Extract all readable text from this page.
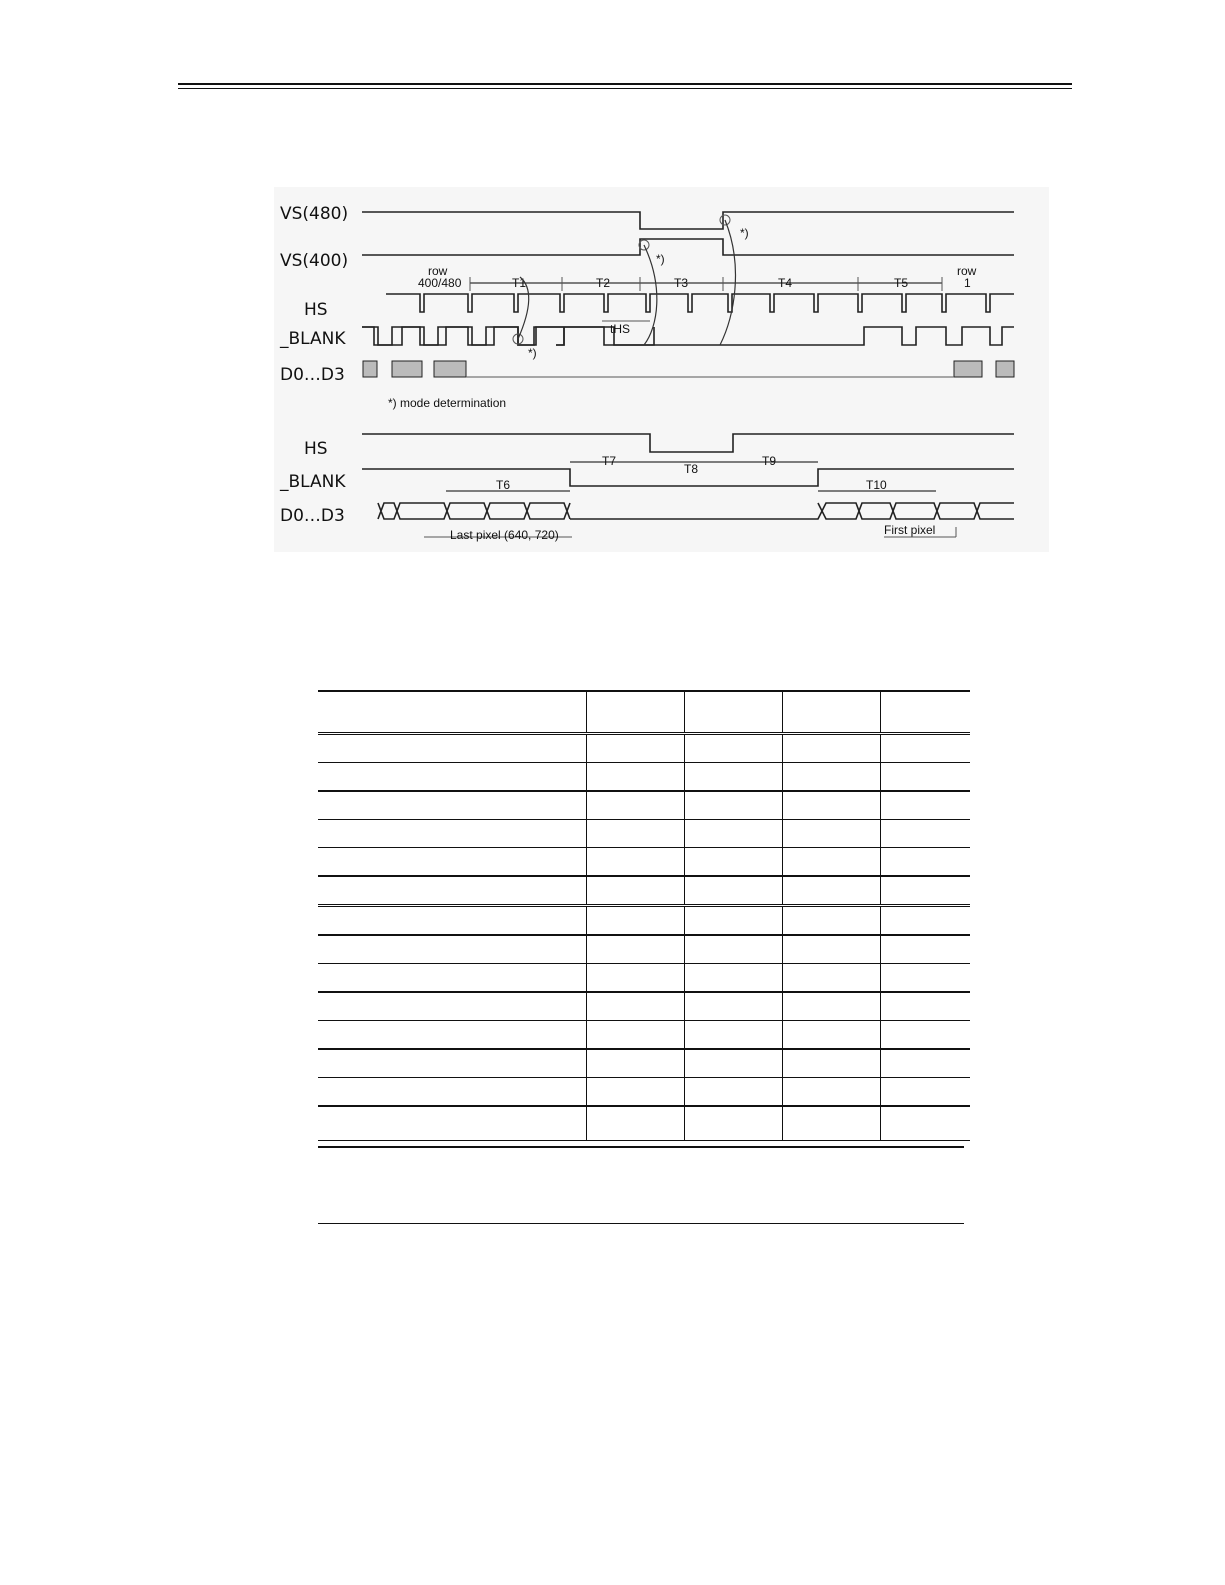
VS(480)
VS(400)
HS
_BLANK
D0…D3
T1	T2	T3	T4	T5
tHS
row
400/480
row
1
*)
*)
*)
*) mode determination
HS
_BLANK
D0…D3
T6
T7
T8
T9
T10
Last pixel (640, 720)	First pixel
